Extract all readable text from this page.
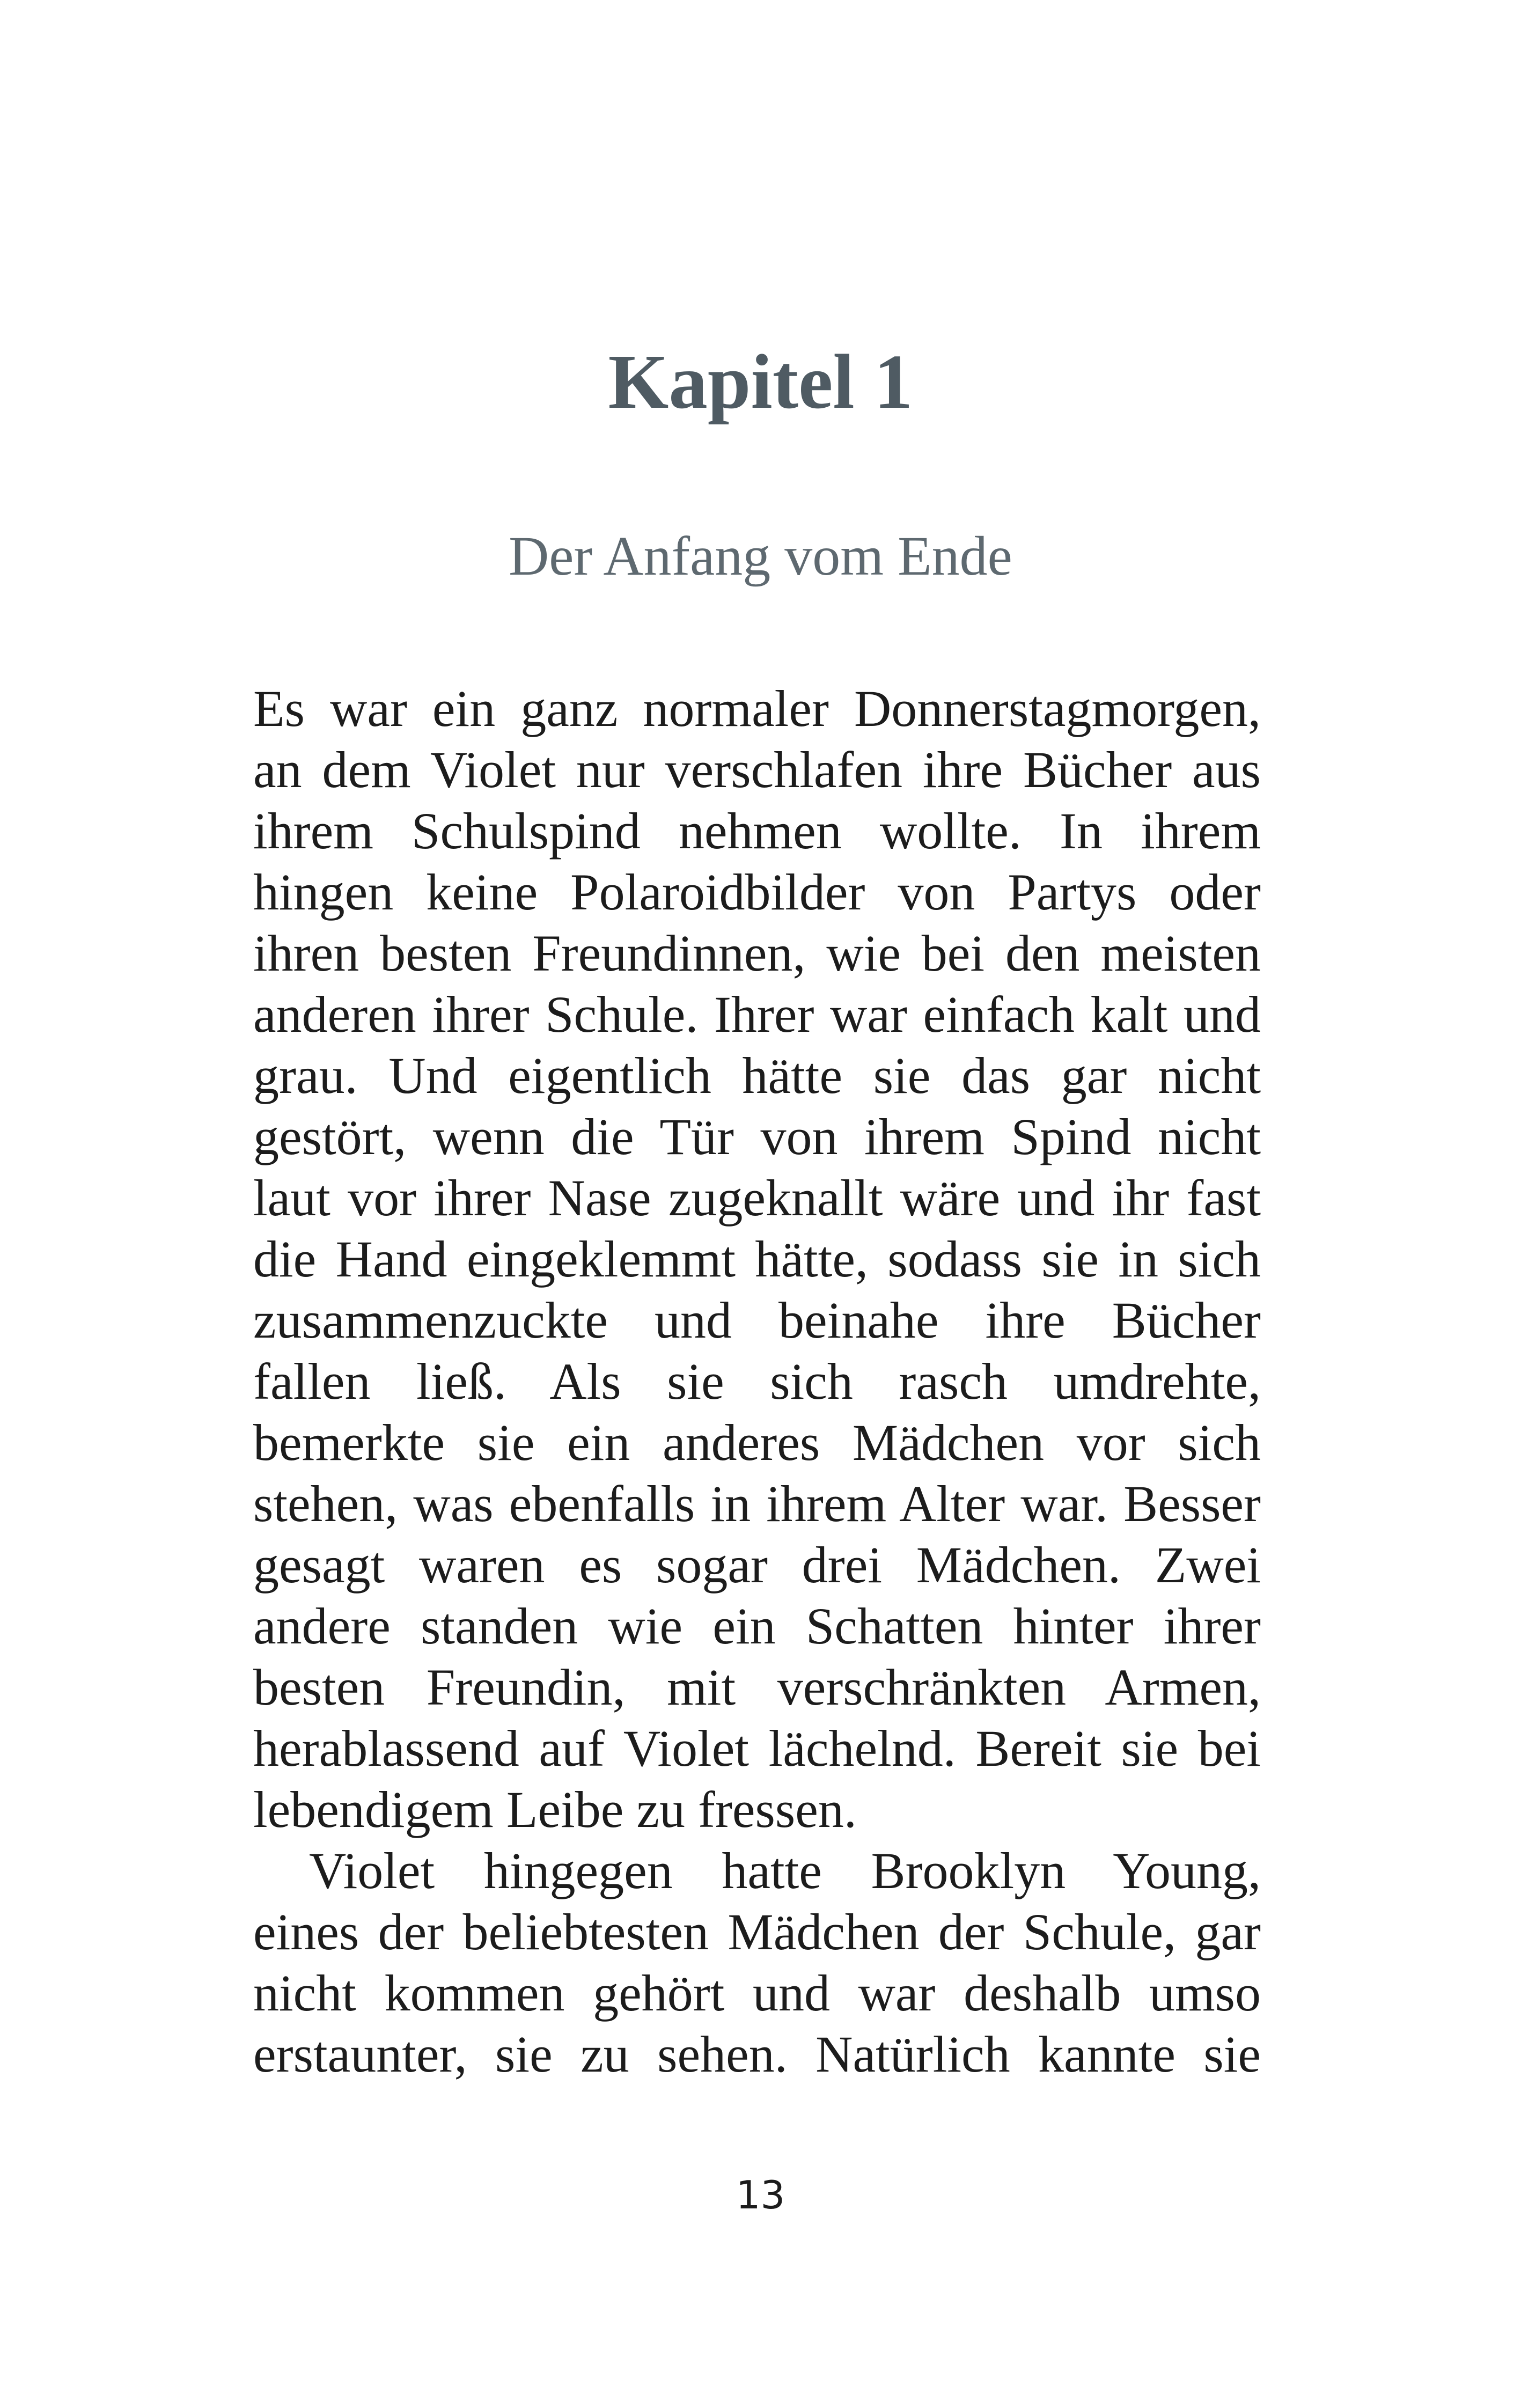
Kapitel 1
Der Anfang vom Ende
Es war ein ganz normaler Donnerstagmorgen,
an dem Violet nur verschlafen ihre Bücher aus
ihrem Schulspind nehmen wollte. In ihrem
hingen keine Polaroidbilder von Partys oder
ihren besten Freundinnen, wie bei den meisten
anderen ihrer Schule. Ihrer war einfach kalt und
grau. Und eigentlich hätte sie das gar nicht
gestört, wenn die Tür von ihrem Spind nicht
laut vor ihrer Nase zugeknallt wäre und ihr fast
die Hand eingeklemmt hätte, sodass sie in sich
zusammenzuckte und beinahe ihre Bücher
fallen ließ. Als sie sich rasch umdrehte,
bemerkte sie ein anderes Mädchen vor sich
stehen, was ebenfalls in ihrem Alter war. Besser
gesagt waren es sogar drei Mädchen. Zwei
andere standen wie ein Schatten hinter ihrer
besten Freundin, mit verschränkten Armen,
herablassend auf Violet lächelnd. Bereit sie bei
lebendigem Leibe zu fressen.
Violet hingegen hatte Brooklyn Young,
eines der beliebtesten Mädchen der Schule, gar
nicht kommen gehört und war deshalb umso
erstaunter, sie zu sehen. Natürlich kannte sie
13
